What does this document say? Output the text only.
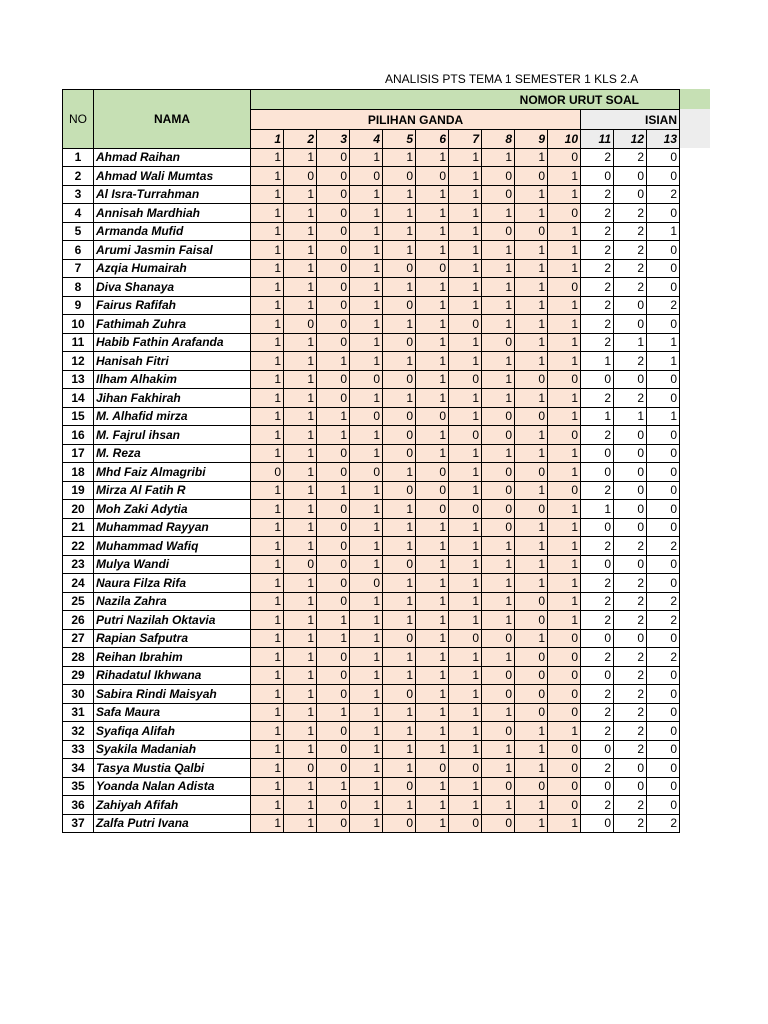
ANALISIS PTS TEMA 1 SEMESTER 1 KLS 2.A
NO	NAMA	NOMOR URUT SOAL												
		PILIHAN GANDA										ISIAN		
		1	2	3	4	5	6	7	8	9	10	11	12	13
1	Ahmad Raihan	1	1	0	1	1	1	1	1	1	0	2	2	0
2	Ahmad Wali Mumtas	1	0	0	0	0	0	1	0	0	1	0	0	0
3	Al Isra-Turrahman	1	1	0	1	1	1	1	0	1	1	2	0	2
4	Annisah Mardhiah	1	1	0	1	1	1	1	1	1	0	2	2	0
5	Armanda Mufid	1	1	0	1	1	1	1	0	0	1	2	2	1
6	Arumi Jasmin Faisal	1	1	0	1	1	1	1	1	1	1	2	2	0
7	Azqia Humairah	1	1	0	1	0	0	1	1	1	1	2	2	0
8	Diva Shanaya	1	1	0	1	1	1	1	1	1	0	2	2	0
9	Fairus Rafifah	1	1	0	1	0	1	1	1	1	1	2	0	2
10	Fathimah Zuhra	1	0	0	1	1	1	0	1	1	1	2	0	0
11	Habib Fathin Arafanda	1	1	0	1	0	1	1	0	1	1	2	1	1
12	Hanisah Fitri	1	1	1	1	1	1	1	1	1	1	1	2	1
13	Ilham Alhakim	1	1	0	0	0	1	0	1	0	0	0	0	0
14	Jihan Fakhirah	1	1	0	1	1	1	1	1	1	1	2	2	0
15	M. Alhafid mirza	1	1	1	0	0	0	1	0	0	1	1	1	1
16	M. Fajrul ihsan	1	1	1	1	0	1	0	0	1	0	2	0	0
17	M. Reza	1	1	0	1	0	1	1	1	1	1	0	0	0
18	Mhd Faiz Almagribi	0	1	0	0	1	0	1	0	0	1	0	0	0
19	Mirza Al Fatih R	1	1	1	1	0	0	1	0	1	0	2	0	0
20	Moh Zaki Adytia	1	1	0	1	1	0	0	0	0	1	1	0	0
21	Muhammad Rayyan	1	1	0	1	1	1	1	0	1	1	0	0	0
22	Muhammad Wafiq	1	1	0	1	1	1	1	1	1	1	2	2	2
23	Mulya Wandi	1	0	0	1	0	1	1	1	1	1	0	0	0
24	Naura Filza Rifa	1	1	0	0	1	1	1	1	1	1	2	2	0
25	Nazila Zahra	1	1	0	1	1	1	1	1	0	1	2	2	2
26	Putri Nazilah Oktavia	1	1	1	1	1	1	1	1	0	1	2	2	2
27	Rapian Safputra	1	1	1	1	0	1	0	0	1	0	0	0	0
28	Reihan Ibrahim	1	1	0	1	1	1	1	1	0	0	2	2	2
29	Rihadatul Ikhwana	1	1	0	1	1	1	1	0	0	0	0	2	0
30	Sabira Rindi Maisyah	1	1	0	1	0	1	1	0	0	0	2	2	0
31	Safa Maura	1	1	1	1	1	1	1	1	0	0	2	2	0
32	Syafiqa Alifah	1	1	0	1	1	1	1	0	1	1	2	2	0
33	Syakila Madaniah	1	1	0	1	1	1	1	1	1	0	0	2	0
34	Tasya Mustia Qalbi	1	0	0	1	1	0	0	1	1	0	2	0	0
35	Yoanda Nalan Adista	1	1	1	1	0	1	1	0	0	0	0	0	0
36	Zahiyah Afifah	1	1	0	1	1	1	1	1	1	0	2	2	0
37	Zalfa Putri Ivana	1	1	0	1	0	1	0	0	1	1	0	2	2
